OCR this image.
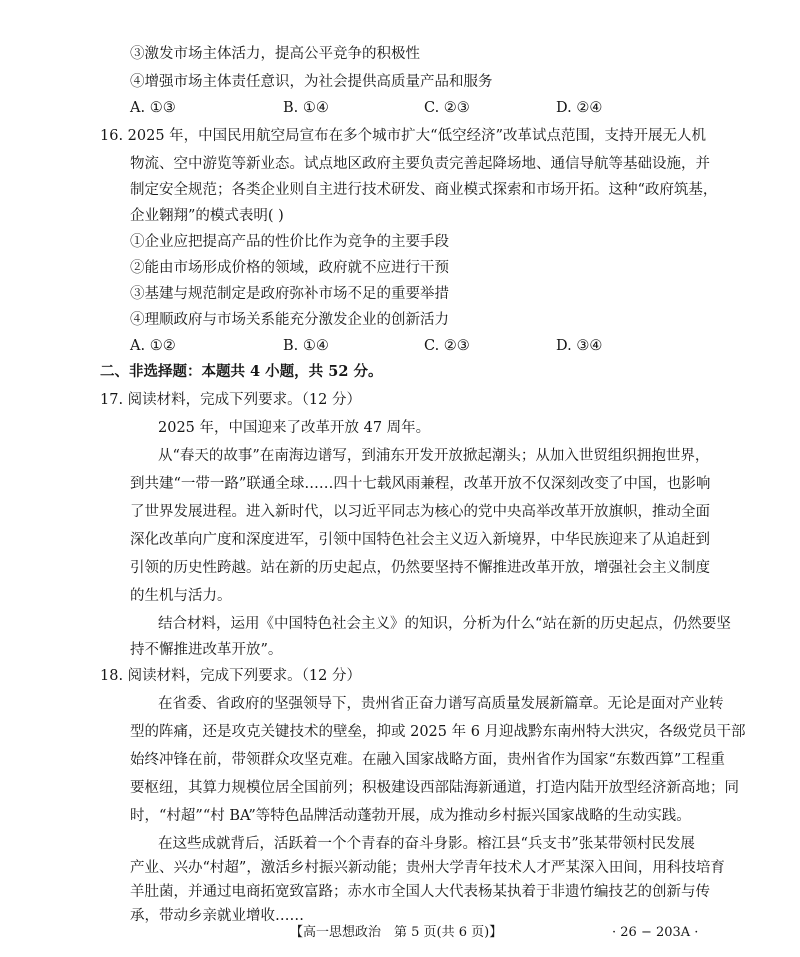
③激发市场主体活力，提高公平竞争的积极性
④增强市场主体责任意识，为社会提供高质量产品和服务
A. ①③	B. ①④	C. ②③	D. ②④
16. 2025 年，中国民用航空局宣布在多个城市扩大“低空经济”改革试点范围，支持开展无人机
物流、空中游览等新业态。试点地区政府主要负责完善起降场地、通信导航等基础设施，并
制定安全规范；各类企业则自主进行技术研发、商业模式探索和市场开拓。这种“政府筑基，
企业翱翔”的模式表明( )
①企业应把提高产品的性价比作为竞争的主要手段
②能由市场形成价格的领域，政府就不应进行干预
③基建与规范制定是政府弥补市场不足的重要举措
④理顺政府与市场关系能充分激发企业的创新活力
A. ①②	B. ①④	C. ②③	D. ③④
二、非选择题：本题共 4 小题，共 52 分。
17. 阅读材料，完成下列要求。（12 分）
2025 年，中国迎来了改革开放 47 周年。
从“春天的故事”在南海边谱写，到浦东开发开放掀起潮头；从加入世贸组织拥抱世界，
到共建“一带一路”联通全球……四十七载风雨兼程，改革开放不仅深刻改变了中国，也影响
了世界发展进程。进入新时代，以习近平同志为核心的党中央高举改革开放旗帜，推动全面
深化改革向广度和深度进军，引领中国特色社会主义迈入新境界，中华民族迎来了从追赶到
引领的历史性跨越。站在新的历史起点，仍然要坚持不懈推进改革开放，增强社会主义制度
的生机与活力。
结合材料，运用《中国特色社会主义》的知识，分析为什么“站在新的历史起点，仍然要坚
持不懈推进改革开放”。
18. 阅读材料，完成下列要求。（12 分）
在省委、省政府的坚强领导下，贵州省正奋力谱写高质量发展新篇章。无论是面对产业转
型的阵痛，还是攻克关键技术的壁垒，抑或 2025 年 6 月迎战黔东南州特大洪灾，各级党员干部
始终冲锋在前，带领群众攻坚克难。在融入国家战略方面，贵州省作为国家“东数西算”工程重
要枢纽，其算力规模位居全国前列；积极建设西部陆海新通道，打造内陆开放型经济新高地；同
时，“村超”“村 BA”等特色品牌活动蓬勃开展，成为推动乡村振兴国家战略的生动实践。
在这些成就背后，活跃着一个个青春的奋斗身影。榕江县“兵支书”张某带领村民发展
产业、兴办“村超”，激活乡村振兴新动能；贵州大学青年技术人才严某深入田间，用科技培育
羊肚菌，并通过电商拓宽致富路；赤水市全国人大代表杨某执着于非遗竹编技艺的创新与传
承，带动乡亲就业增收……
【高一思想政治　第 5 页(共 6 页)】	· 26 − 203A ·
